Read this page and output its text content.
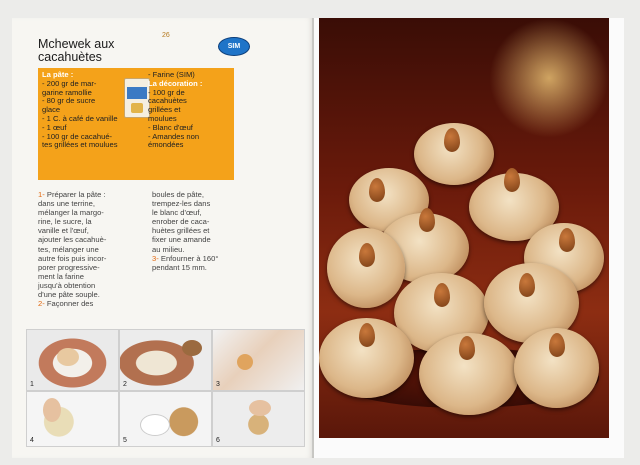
Mchewek aux
cacahuètes
26
SIM
La pâte :
- 200 gr de mar-
garine ramollie
- 80 gr de sucre
glace
- 1 C. à café de vanille
- 1 œuf
- 100 gr de cacahué-
tes grillées et moulues
- Farine (SIM)
La décoration :
- 100 gr de
cacahuètes
grillées et
moulues
- Blanc d'œuf
- Amandes non
émondées
1- Préparer la pâte :
dans une terrine,
mélanger la margo-
rine, le sucre, la
vanille et l'œuf,
ajouter les cacahuè-
tes, mélanger une
autre fois puis incor-
porer progressive-
ment la farine
jusqu'à obtention
d'une pâte souple.
2- Façonner des
boules de pâte,
trempez-les dans
le blanc d'œuf,
enrober de caca-
huètes grillées et
fixer une amande
au milieu.
3- Enfourner à 160°
pendant 15 mm.
1	2	3
4	5	6
